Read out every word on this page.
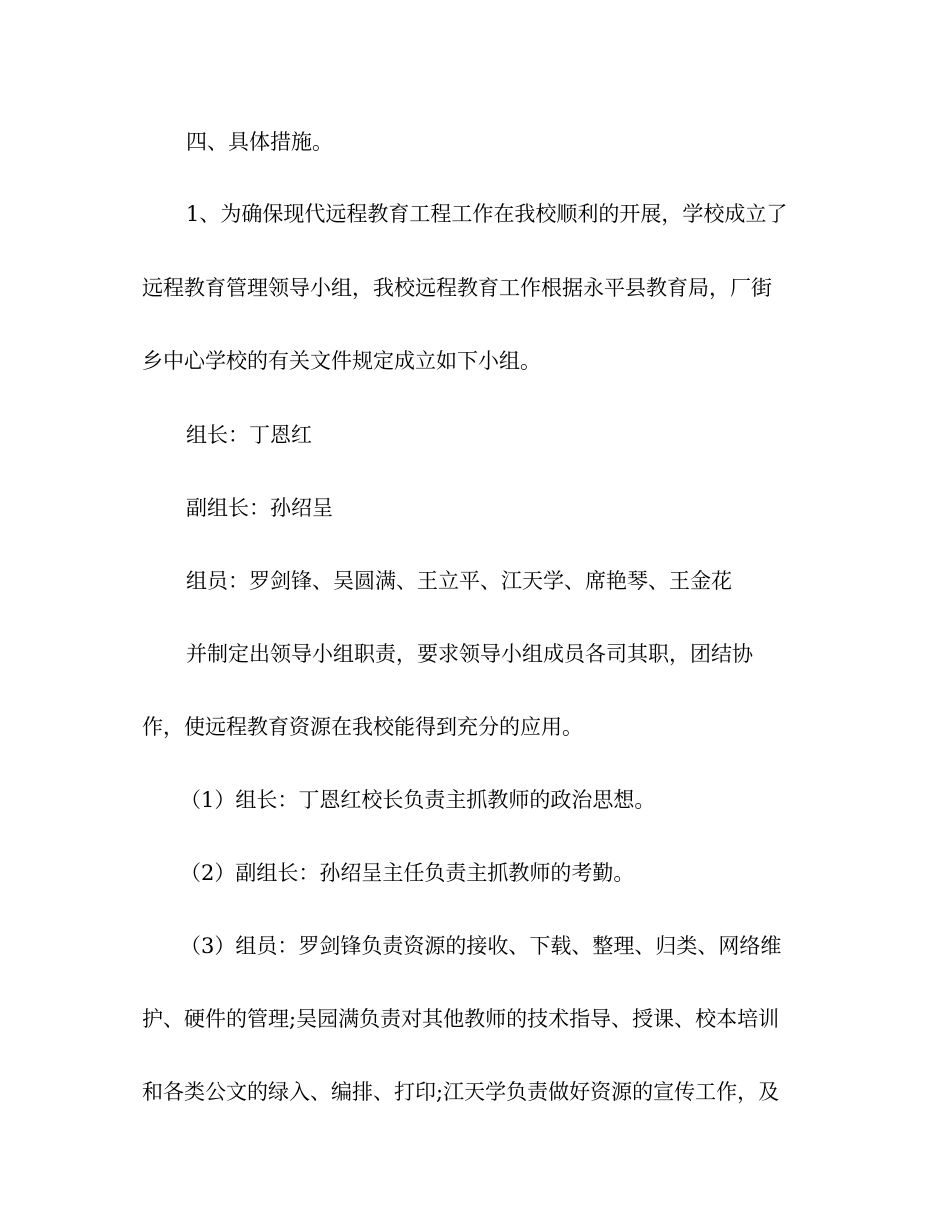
四、具体措施。

1、为确保现代远程教育工程工作在我校顺利的开展，学校成立了

远程教育管理领导小组，我校远程教育工作根据永平县教育局，厂街

乡中心学校的有关文件规定成立如下小组。

组长：丁恩红

副组长：孙绍呈

组员：罗剑锋、吴圆满、王立平、江天学、席艳琴、王金花

并制定出领导小组职责，要求领导小组成员各司其职，团结协

作，使远程教育资源在我校能得到充分的应用。

（1）组长：丁恩红校长负责主抓教师的政治思想。

（2）副组长：孙绍呈主任负责主抓教师的考勤。

（3）组员：罗剑锋负责资源的接收、下载、整理、归类、网络维

护、硬件的管理;吴园满负责对其他教师的技术指导、授课、校本培训

和各类公文的绿入、编排、打印;江天学负责做好资源的宣传工作，及
